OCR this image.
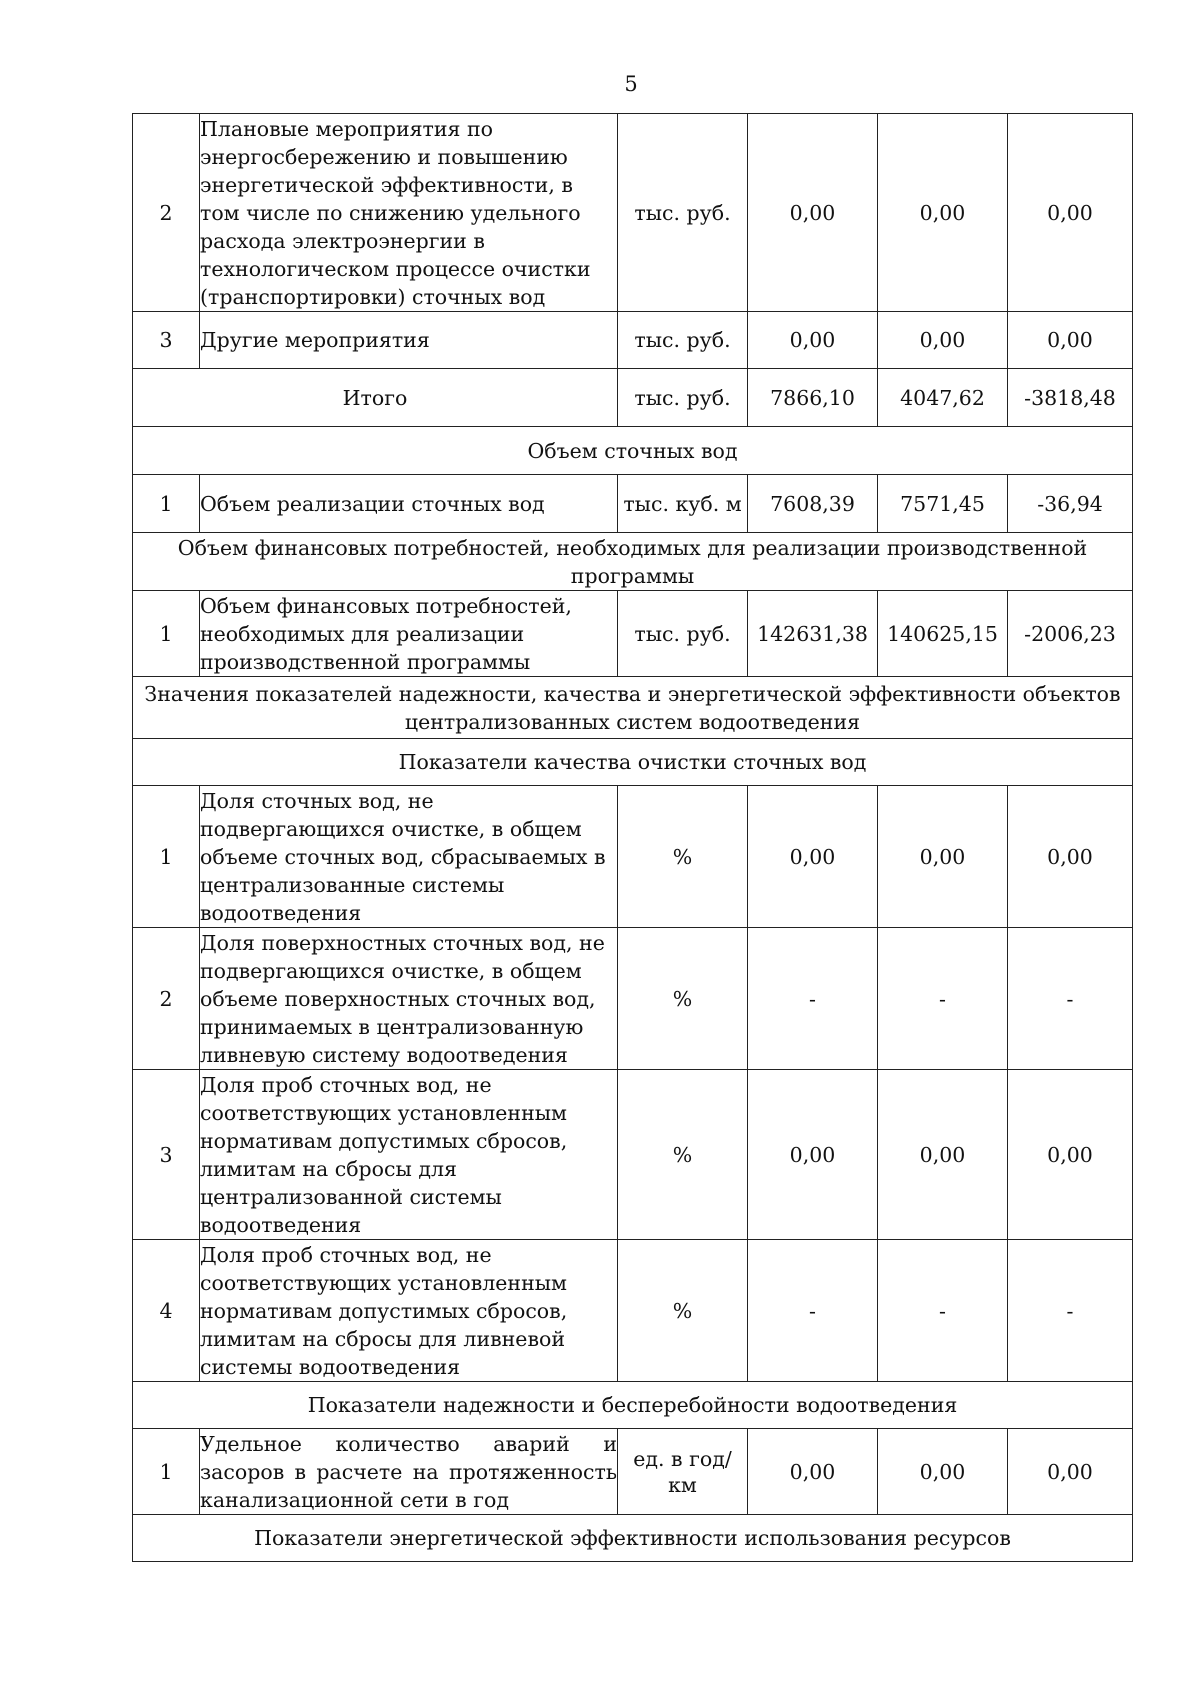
5
2	Плановые мероприятия по энергосбережению и повышению энергетической эффективности, в том числе по снижению удельного расхода электроэнергии в технологическом процессе очистки (транспортировки) сточных вод	тыс. руб.	0,00	0,00	0,00
3	Другие мероприятия	тыс. руб.	0,00	0,00	0,00
Итого		тыс. руб.	7866,10	4047,62	-3818,48
Объем сточных вод					
1	Объем реализации сточных вод	тыс. куб. м	7608,39	7571,45	-36,94
Объем финансовых потребностей, необходимых для реализации производственной программы					
1	Объем финансовых потребностей, необходимых для реализации производственной программы	тыс. руб.	142631,38	140625,15	-2006,23
Значения показателей надежности, качества и энергетической эффективности объектов централизованных систем водоотведения					
Показатели качества очистки сточных вод					
1	Доля сточных вод, не подвергающихся очистке, в общем объеме сточных вод, сбрасываемых в централизованные системы водоотведения	%	0,00	0,00	0,00
2	Доля поверхностных сточных вод, не подвергающихся очистке, в общем объеме поверхностных сточных вод, принимаемых в централизованную ливневую систему водоотведения	%	-	-	-
3	Доля проб сточных вод, не соответствующих установленным нормативам допустимых сбросов, лимитам на сбросы для централизованной системы водоотведения	%	0,00	0,00	0,00
4	Доля проб сточных вод, не соответствующих установленным нормативам допустимых сбросов, лимитам на сбросы для ливневой системы водоотведения	%	-	-	-
Показатели надежности и бесперебойности водоотведения					
1	Удельное количество аварий и засоров в расчете на протяженность канализационной сети в год	ед. в год/ км	0,00	0,00	0,00
Показатели энергетической эффективности использования ресурсов					
